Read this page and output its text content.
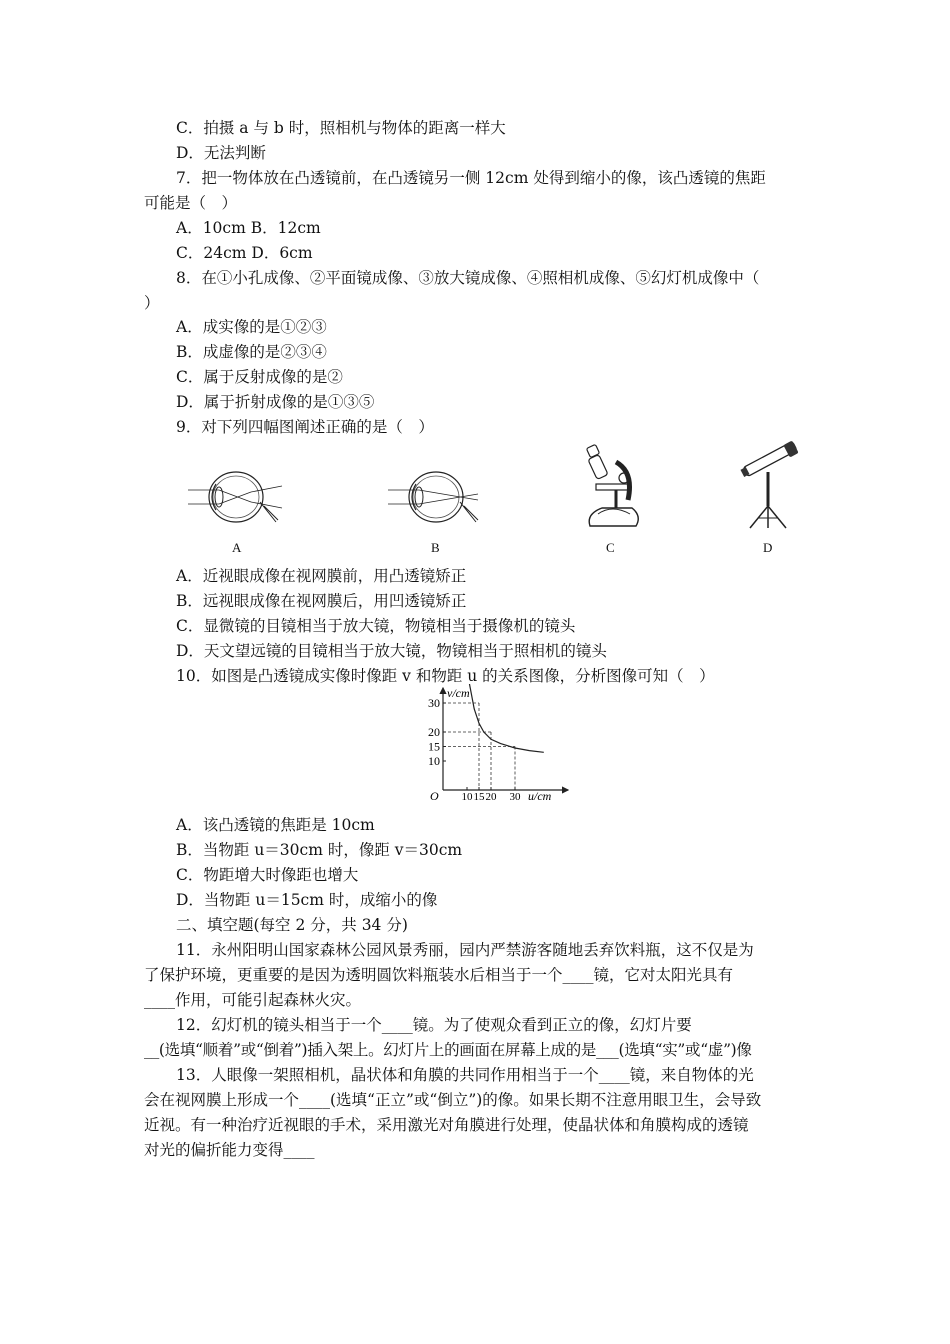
C．拍摄 a 与 b 时，照相机与物体的距离一样大
D．无法判断
7．把一物体放在凸透镜前，在凸透镜另一侧 12cm 处得到缩小的像，该凸透镜的焦距
可能是（　）
A．10cm B．12cm
C．24cm D．6cm
8．在①小孔成像、②平面镜成像、③放大镜成像、④照相机成像、⑤幻灯机成像中（
）
A．成实像的是①②③
B．成虚像的是②③④
C．属于反射成像的是②
D．属于折射成像的是①③⑤
9．对下列四幅图阐述正确的是（　）
A	B	C	D
A．近视眼成像在视网膜前，用凸透镜矫正
B．远视眼成像在视网膜后，用凹透镜矫正
C．显微镜的目镜相当于放大镜，物镜相当于摄像机的镜头
D．天文望远镜的目镜相当于放大镜，物镜相当于照相机的镜头
10．如图是凸透镜成实像时像距 v 和物距 u 的关系图像，分析图像可知（　）
10
15
20
30
10 15 20 30
O
v/cm
u/cm
A．该凸透镜的焦距是 10cm
B．当物距 u＝30cm 时，像距 v＝30cm
C．物距增大时像距也增大
D．当物距 u＝15cm 时，成缩小的像
二、填空题(每空 2 分，共 34 分)
11．永州阳明山国家森林公园风景秀丽，园内严禁游客随地丢弃饮料瓶，这不仅是为
了保护环境，更重要的是因为透明圆饮料瓶装水后相当于一个____镜，它对太阳光具有
____作用，可能引起森林火灾。
12．幻灯机的镜头相当于一个____镜。为了使观众看到正立的像，幻灯片要
__(选填“顺着”或“倒着”)插入架上。幻灯片上的画面在屏幕上成的是___(选填“实”或“虚”)像
13．人眼像一架照相机，晶状体和角膜的共同作用相当于一个____镜，来自物体的光
会在视网膜上形成一个____(选填“正立”或“倒立”)的像。如果长期不注意用眼卫生，会导致
近视。有一种治疗近视眼的手术，采用激光对角膜进行处理，使晶状体和角膜构成的透镜
对光的偏折能力变得____
